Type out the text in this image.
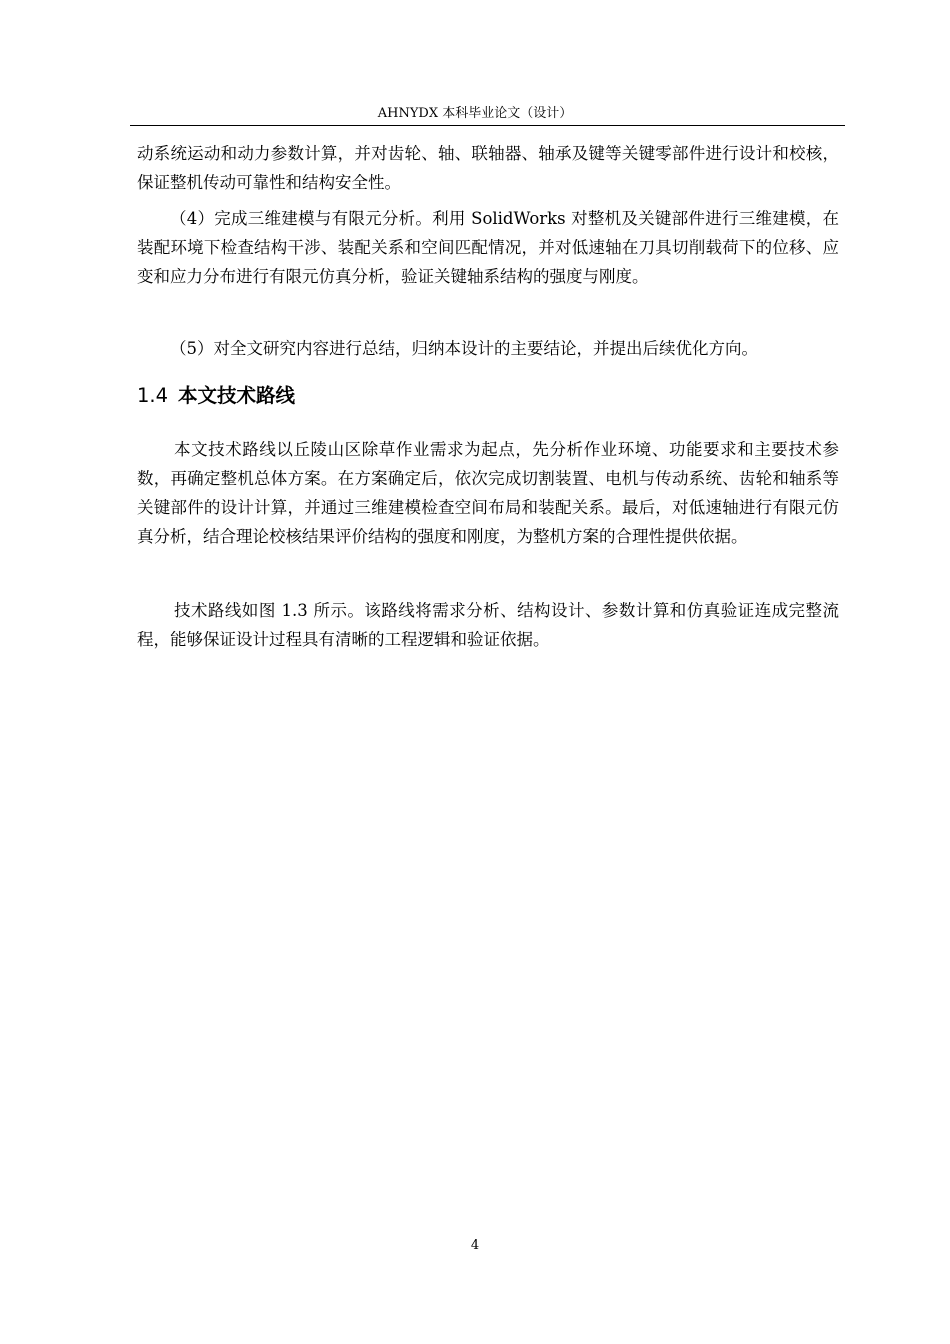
AHNYDX 本科毕业论文（设计）

动系统运动和动力参数计算，并对齿轮、轴、联轴器、轴承及键等关键零部件进行设计和校核，保证整机传动可靠性和结构安全性。

（4）完成三维建模与有限元分析。利用 SolidWorks 对整机及关键部件进行三维建模，在装配环境下检查结构干涉、装配关系和空间匹配情况，并对低速轴在刀具切削载荷下的位移、应变和应力分布进行有限元仿真分析，验证关键轴系结构的强度与刚度。

（5）对全文研究内容进行总结，归纳本设计的主要结论，并提出后续优化方向。

1.4 本文技术路线

本文技术路线以丘陵山区除草作业需求为起点，先分析作业环境、功能要求和主要技术参数，再确定整机总体方案。在方案确定后，依次完成切割装置、电机与传动系统、齿轮和轴系等关键部件的设计计算，并通过三维建模检查空间布局和装配关系。最后，对低速轴进行有限元仿真分析，结合理论校核结果评价结构的强度和刚度，为整机方案的合理性提供依据。

技术路线如图 1.3 所示。该路线将需求分析、结构设计、参数计算和仿真验证连成完整流程，能够保证设计过程具有清晰的工程逻辑和验证依据。

4
